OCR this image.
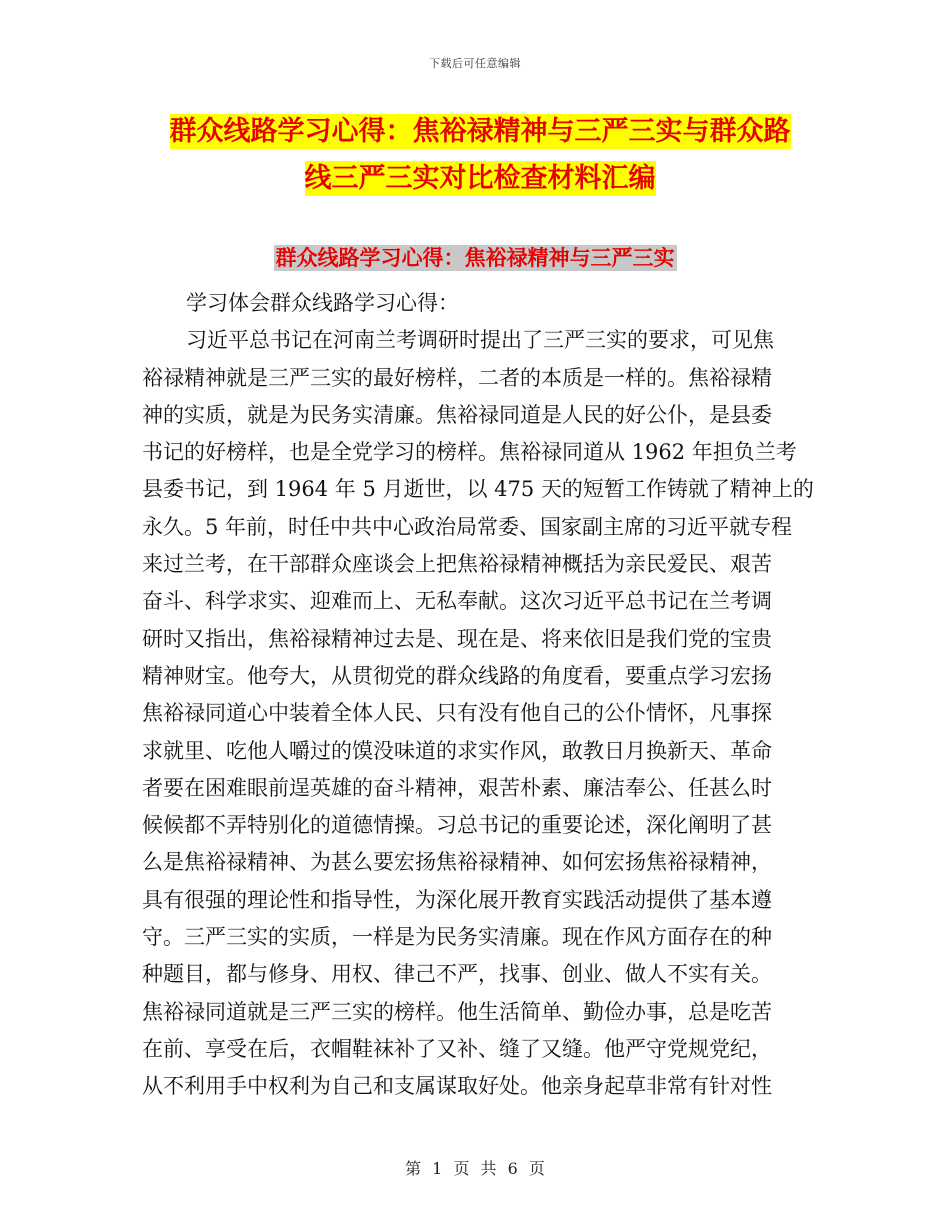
下载后可任意编辑
群众线路学习心得：焦裕禄精神与三严三实与群众路
线三严三实对比检查材料汇编
群众线路学习心得：焦裕禄精神与三严三实
学习体会群众线路学习心得：
习近平总书记在河南兰考调研时提出了三严三实的要求，可见焦
裕禄精神就是三严三实的最好榜样，二者的本质是一样的。焦裕禄精
神的实质，就是为民务实清廉。焦裕禄同道是人民的好公仆，是县委
书记的好榜样，也是全党学习的榜样。焦裕禄同道从 1962 年担负兰考
县委书记，到 1964 年 5 月逝世，以 475 天的短暂工作铸就了精神上的
永久。5 年前，时任中共中心政治局常委、国家副主席的习近平就专程
来过兰考，在干部群众座谈会上把焦裕禄精神概括为亲民爱民、艰苦
奋斗、科学求实、迎难而上、无私奉献。这次习近平总书记在兰考调
研时又指出，焦裕禄精神过去是、现在是、将来依旧是我们党的宝贵
精神财宝。他夸大，从贯彻党的群众线路的角度看，要重点学习宏扬
焦裕禄同道心中装着全体人民、只有没有他自己的公仆情怀，凡事探
求就里、吃他人嚼过的馍没味道的求实作风，敢教日月换新天、革命
者要在困难眼前逞英雄的奋斗精神，艰苦朴素、廉洁奉公、任甚么时
候候都不弄特别化的道德情操。习总书记的重要论述，深化阐明了甚
么是焦裕禄精神、为甚么要宏扬焦裕禄精神、如何宏扬焦裕禄精神，
具有很强的理论性和指导性，为深化展开教育实践活动提供了基本遵
守。三严三实的实质，一样是为民务实清廉。现在作风方面存在的种
种题目，都与修身、用权、律己不严，找事、创业、做人不实有关。
焦裕禄同道就是三严三实的榜样。他生活简单、勤俭办事，总是吃苦
在前、享受在后，衣帽鞋袜补了又补、缝了又缝。他严守党规党纪，
从不利用手中权利为自己和支属谋取好处。他亲身起草非常有针对性
第 1 页 共 6 页
